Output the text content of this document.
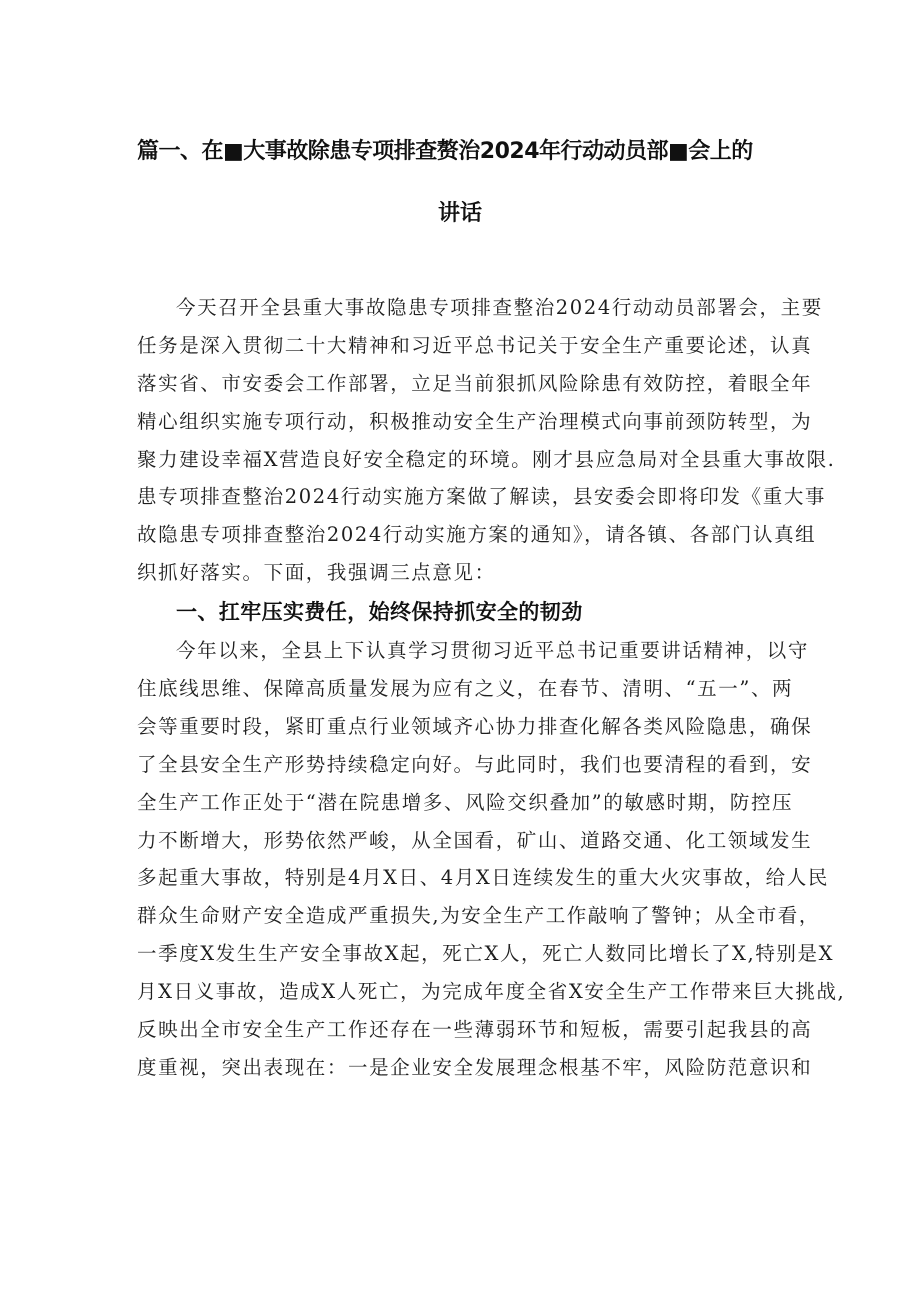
篇一、在■大事故除患专项排查赘治2024年行动动员部■会上的
讲话
今天召开全县重大事故隐患专项排查整治2024行动动员部署会，主要
任务是深入贯彻二十大精神和习近平总书记关于安全生产重要论述，认真
落实省、市安委会工作部署，立足当前狠抓风险除患有效防控，着眼全年
精心组织实施专项行动，积极推动安全生产治理模式向事前颈防转型，为
聚力建设幸福X营造良好安全稳定的环境。刚才县应急局对全县重大事故限.
患专项排查整治2024行动实施方案做了解读，县安委会即将印发《重大事
故隐患专项排查整治2024行动实施方案的通知》，请各镇、各部门认真组
织抓好落实。下面，我强调三点意见：
一、扛牢压实费任，始终保持抓安全的韧劲
今年以来，全县上下认真学习贯彻习近平总书记重要讲话精神，以守
住底线思维、保障高质量发展为应有之义，在春节、清明、“五一”、两
会等重要时段，紧盯重点行业领域齐心协力排查化解各类风险隐患，确保
了全县安全生产形势持续稳定向好。与此同时，我们也要清程的看到，安
全生产工作正处于“潜在院患增多、风险交织叠加”的敏感时期，防控压
力不断增大，形势依然严峻，从全国看，矿山、道路交通、化工领域发生
多起重大事故，特别是4月X日、4月X日连续发生的重大火灾事故，给人民
群众生命财产安全造成严重损失,为安全生产工作敲响了警钟；从全市看，
一季度X发生生产安全事故X起，死亡X人，死亡人数同比增长了X,特别是X
月X日义事故，造成X人死亡，为完成年度全省X安全生产工作带来巨大挑战,
反映出全市安全生产工作还存在一些薄弱环节和短板，需要引起我县的高
度重视，突出表现在：一是企业安全发展理念根基不牢，风险防范意识和
